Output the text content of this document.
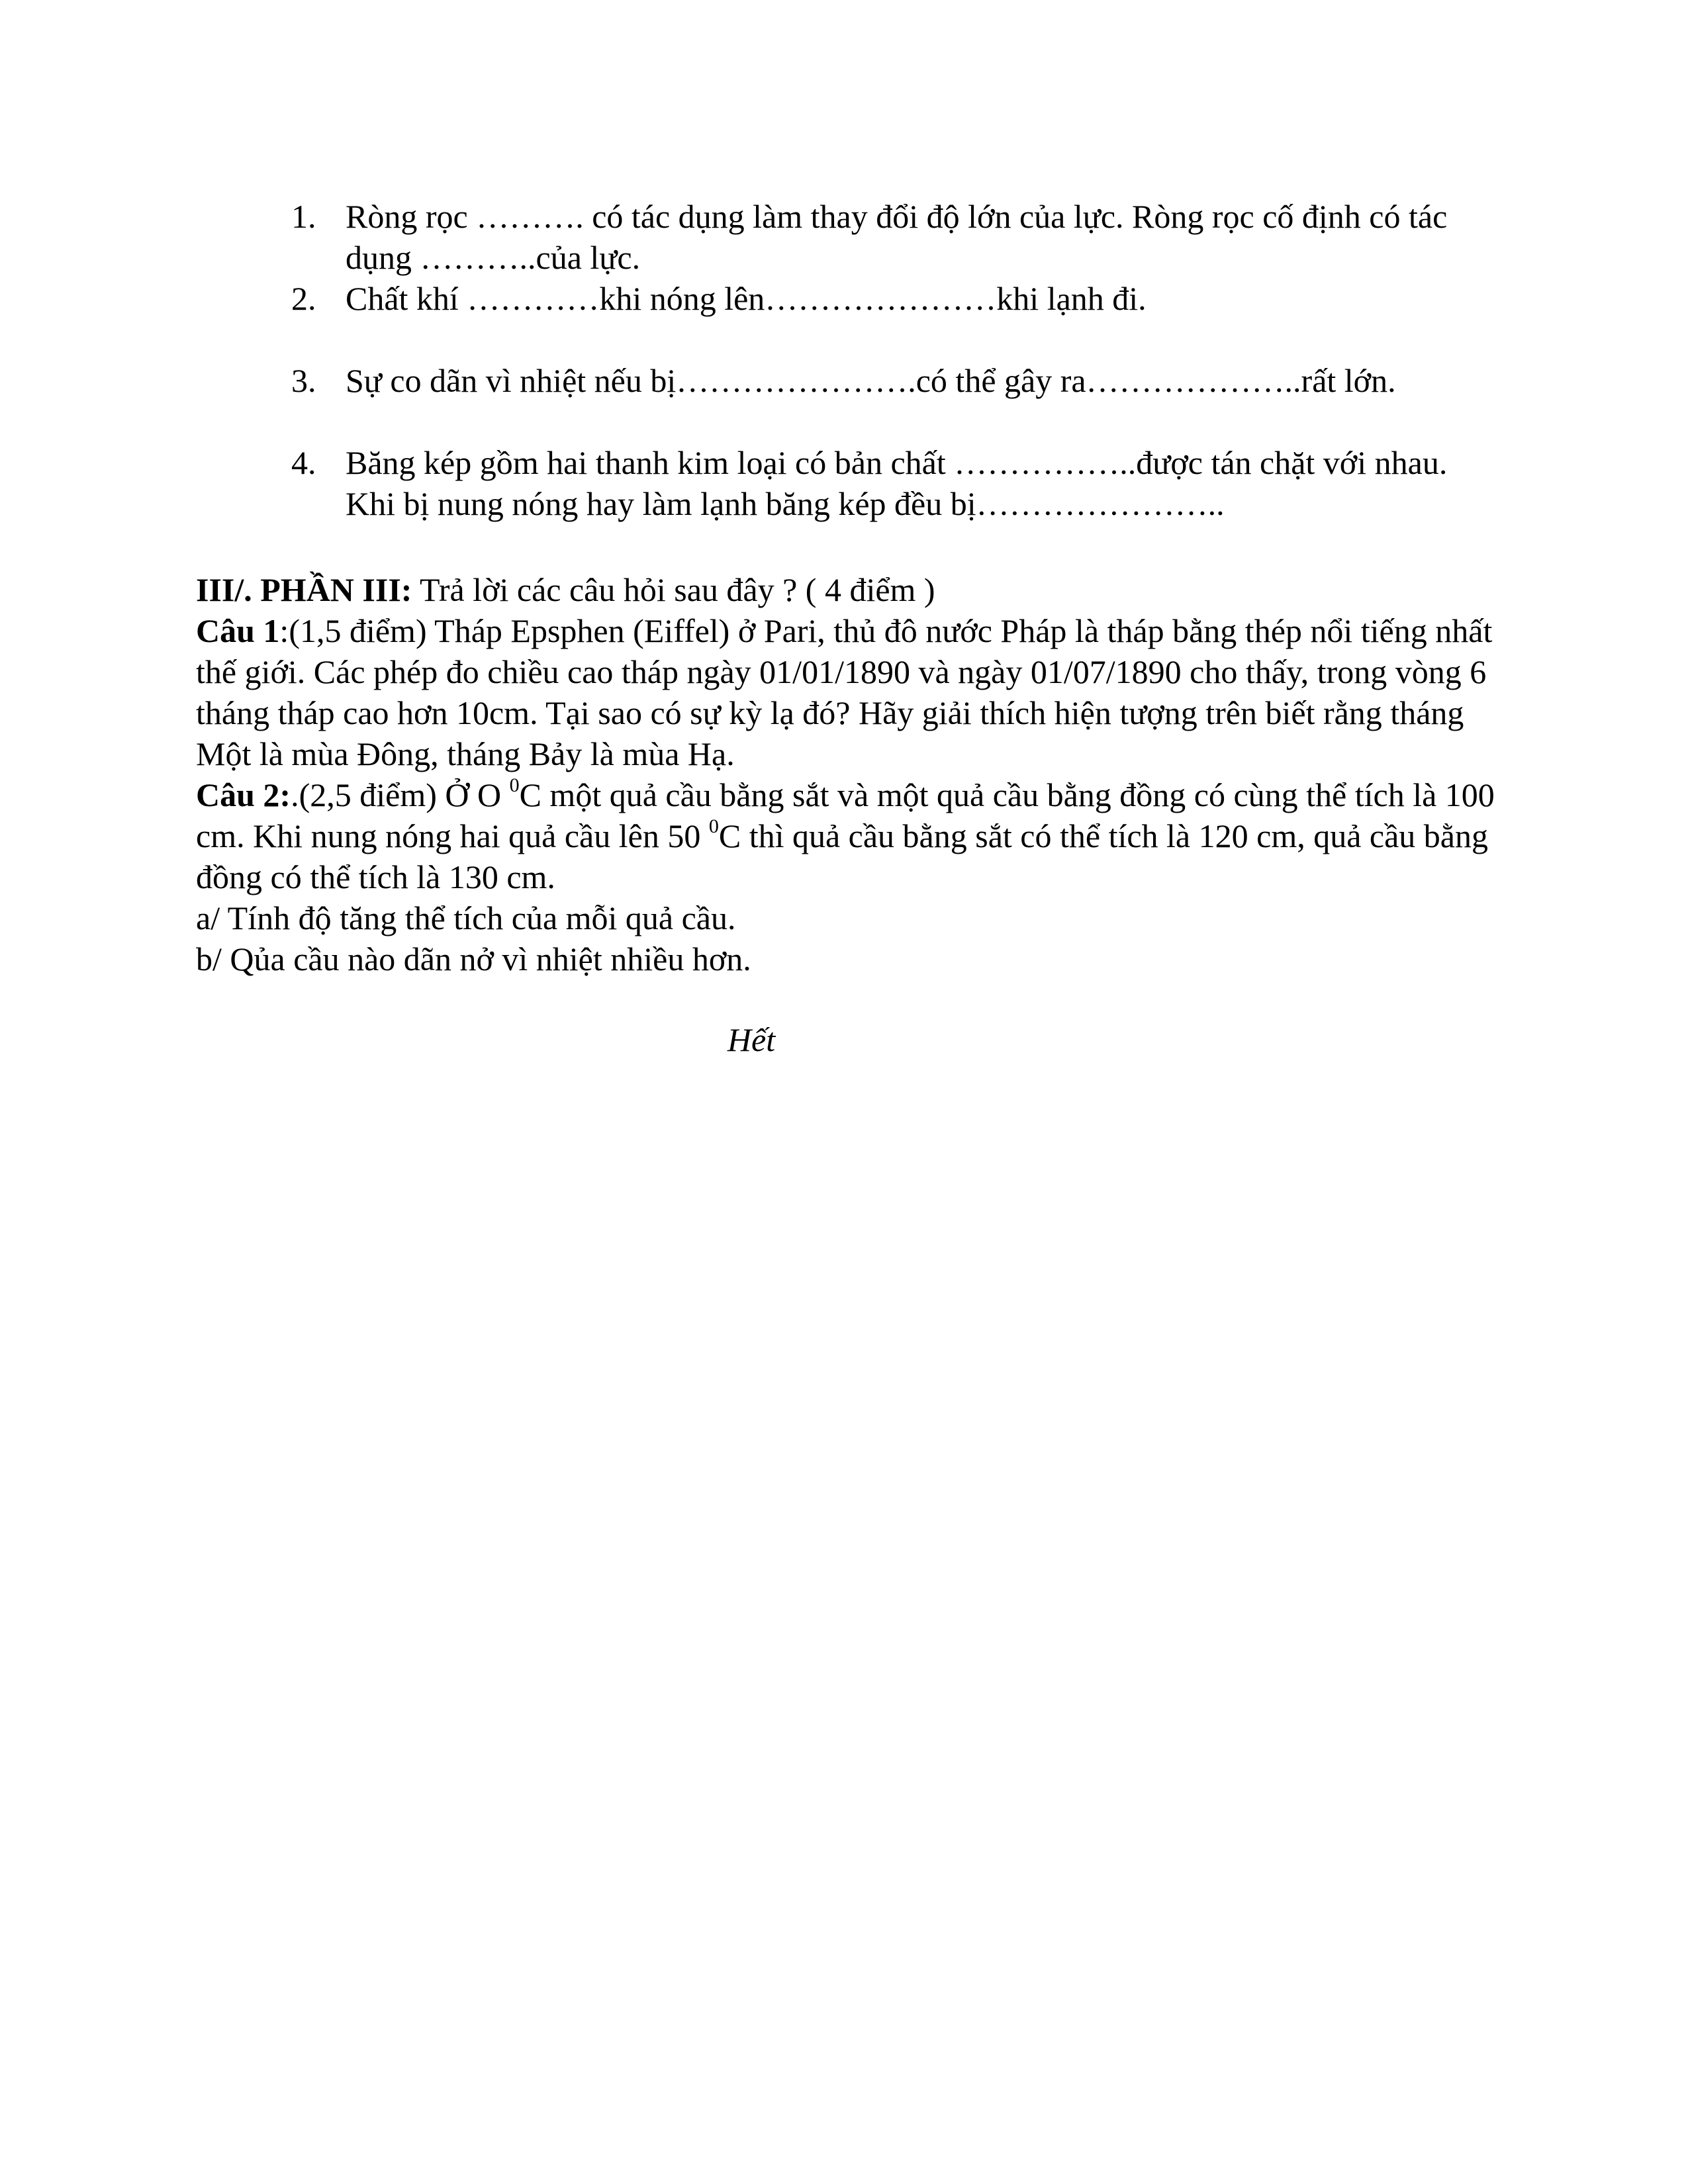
1. Ròng rọc ………. có tác dụng làm thay đổi độ lớn của lực. Ròng rọc cố định có tác dụng ………..của lực.
2. Chất khí …………khi nóng lên…………………khi lạnh đi.
3. Sự co dãn vì nhiệt nếu bị………………….có thể gây ra………………..rất lớn.
4. Băng kép gồm hai thanh kim loại có bản chất ……………..được tán chặt với nhau. Khi bị nung nóng hay làm lạnh băng kép đều bị…………………..

III/. PHẦN III: Trả lời các câu hỏi sau đây ? ( 4 điểm )

Câu 1:(1,5 điểm) Tháp Epsphen (Eiffel) ở Pari, thủ đô nước Pháp là tháp bằng thép nổi tiếng nhất thế giới. Các phép đo chiều cao tháp ngày 01/01/1890 và ngày 01/07/1890 cho thấy, trong vòng 6 tháng tháp cao hơn 10cm. Tại sao có sự kỳ lạ đó? Hãy giải thích hiện tượng trên biết rằng tháng Một là mùa Đông, tháng Bảy là mùa Hạ.

Câu 2:.(2,5 điểm) Ở O $^0$C một quả cầu bằng sắt và một quả cầu bằng đồng có cùng thể tích là 100 cm. Khi nung nóng hai quả cầu lên 50 $^0$C thì quả cầu bằng sắt có thể tích là 120 cm, quả cầu bằng đồng có thể tích là 130 cm.

a/ Tính độ tăng thể tích của mỗi quả cầu.

b/ Qủa cầu nào dãn nở vì nhiệt nhiều hơn.

Hết
